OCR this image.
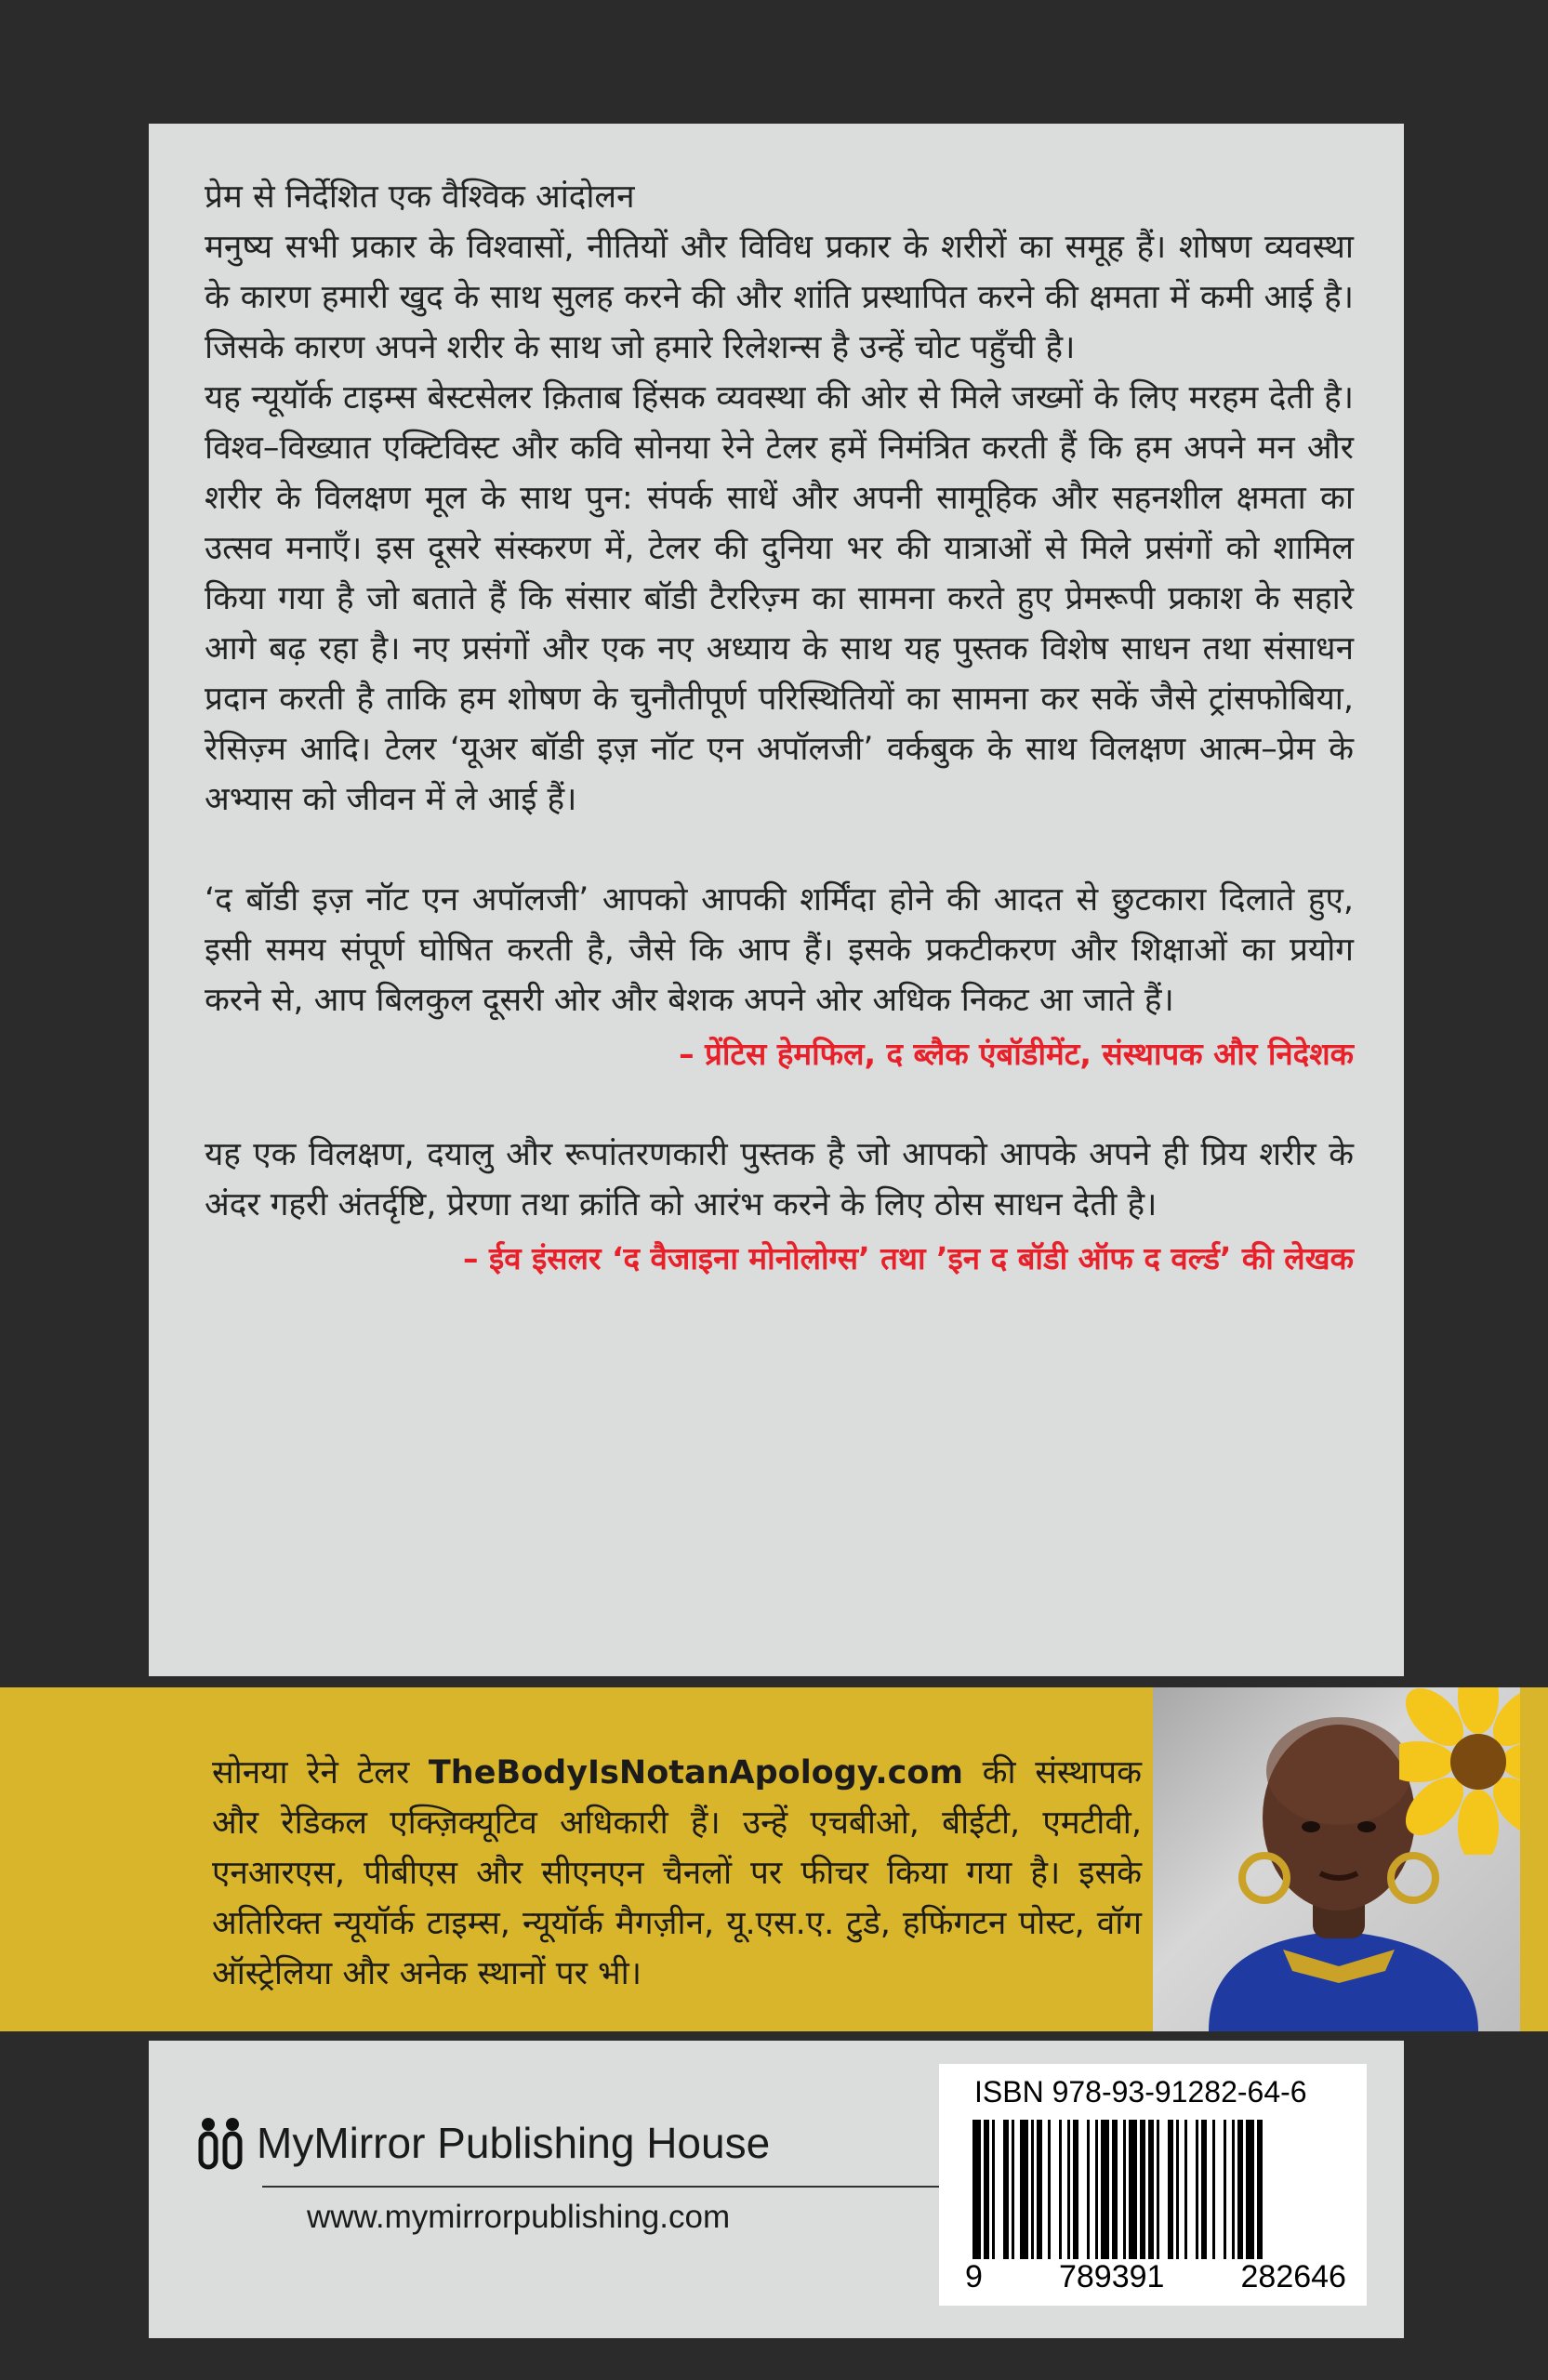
प्रेम से निर्देशित एक वैश्विक आंदोलन

मनुष्य सभी प्रकार के विश्वासों, नीतियों और विविध प्रकार के शरीरों का समूह हैं। शोषण व्यवस्था के कारण हमारी खुद के साथ सुलह करने की और शांति प्रस्थापित करने की क्षमता में कमी आई है। जिसके कारण अपने शरीर के साथ जो हमारे रिलेशन्स है उन्हें चोट पहुँची है।

यह न्यूयॉर्क टाइम्स बेस्टसेलर क़िताब हिंसक व्यवस्था की ओर से मिले जख्मों के लिए मरहम देती है। विश्व–विख्यात एक्टिविस्ट और कवि सोनया रेने टेलर हमें निमंत्रित करती हैं कि हम अपने मन और शरीर के विलक्षण मूल के साथ पुन: संपर्क साधें और अपनी सामूहिक और सहनशील क्षमता का उत्सव मनाएँ। इस दूसरे संस्करण में, टेलर की दुनिया भर की यात्राओं से मिले प्रसंगों को शामिल किया गया है जो बताते हैं कि संसार बॉडी टैररिज़्म का सामना करते हुए प्रेमरूपी प्रकाश के सहारे आगे बढ़ रहा है। नए प्रसंगों और एक नए अध्याय के साथ यह पुस्तक विशेष साधन तथा संसाधन प्रदान करती है ताकि हम शोषण के चुनौतीपूर्ण परिस्थितियों का सामना कर सकें जैसे ट्रांसफोबिया, रेसिज़्म आदि। टेलर ‘यूअर बॉडी इज़ नॉट एन अपॉलजी’ वर्कबुक के साथ विलक्षण आत्म–प्रेम के अभ्यास को जीवन में ले आई हैं।

‘द बॉडी इज़ नॉट एन अपॉलजी’ आपको आपकी शर्मिंदा होने की आदत से छुटकारा दिलाते हुए, इसी समय संपूर्ण घोषित करती है, जैसे कि आप हैं। इसके प्रकटीकरण और शिक्षाओं का प्रयोग करने से, आप बिलकुल दूसरी ओर और बेशक अपने ओर अधिक निकट आ जाते हैं।

– प्रेंटिस हेमफिल, द ब्लैक एंबॉडीमेंट, संस्थापक और निदेशक

यह एक विलक्षण, दयालु और रूपांतरणकारी पुस्तक है जो आपको आपके अपने ही प्रिय शरीर के अंदर गहरी अंतर्दृष्टि, प्रेरणा तथा क्रांति को आरंभ करने के लिए ठोस साधन देती है।

– ईव इंसलर ‘द वैजाइना मोनोलोग्स’ तथा ’इन द बॉडी ऑफ द वर्ल्ड’ की लेखक

सोनया रेने टेलर TheBodyIsNotanApology.com की संस्थापक और रेडिकल एक्ज़िक्यूटिव अधिकारी हैं। उन्हें एचबीओ, बीईटी, एमटीवी, एनआरएस, पीबीएस और सीएनएन चैनलों पर फीचर किया गया है। इसके अतिरिक्त न्यूयॉर्क टाइम्स, न्यूयॉर्क मैगज़ीन, यू.एस.ए. टुडे, हफिंगटन पोस्ट, वॉग ऑस्ट्रेलिया और अनेक स्थानों पर भी।

MyMirror Publishing House
www.mymirrorpublishing.com
ISBN 978-93-91282-64-6
9 789391 282646
